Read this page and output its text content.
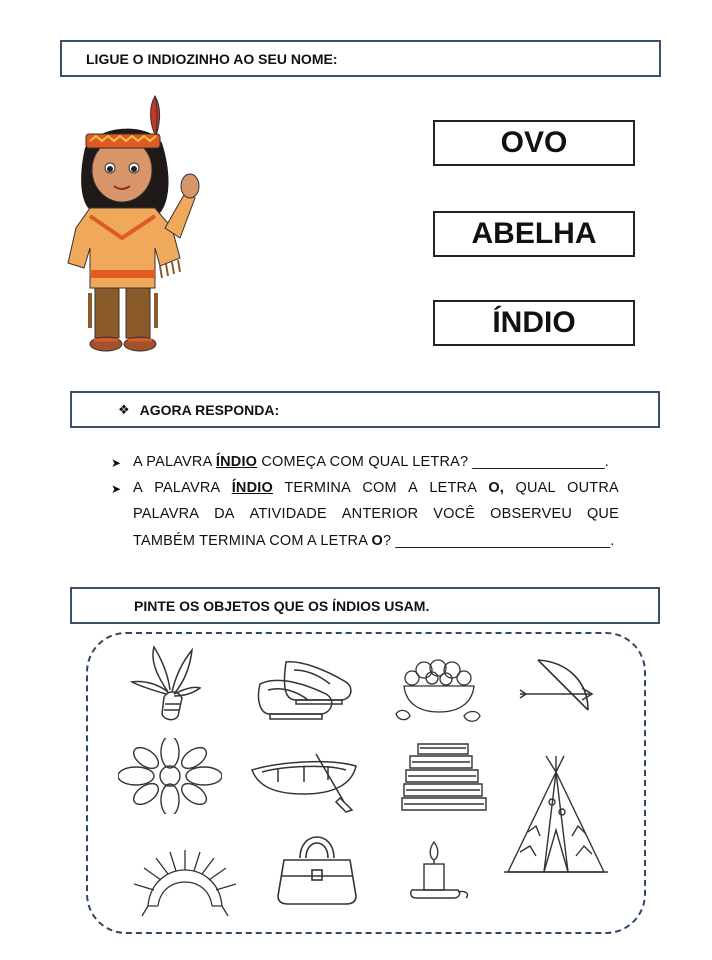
LIGUE O INDIOZINHO AO SEU NOME:
OVO
ABELHA
ÍNDIO
❖ AGORA RESPONDA:
➤ A PALAVRA ÍNDIO COMEÇA COM QUAL LETRA? ________________.
➤ A PALAVRA ÍNDIO TERMINA COM A LETRA O, QUAL OUTRA
PALAVRA DA ATIVIDADE ANTERIOR VOCÊ OBSERVEU QUE
TAMBÉM TERMINA COM A LETRA O? __________________________.
PINTE OS OBJETOS QUE OS ÍNDIOS USAM.
